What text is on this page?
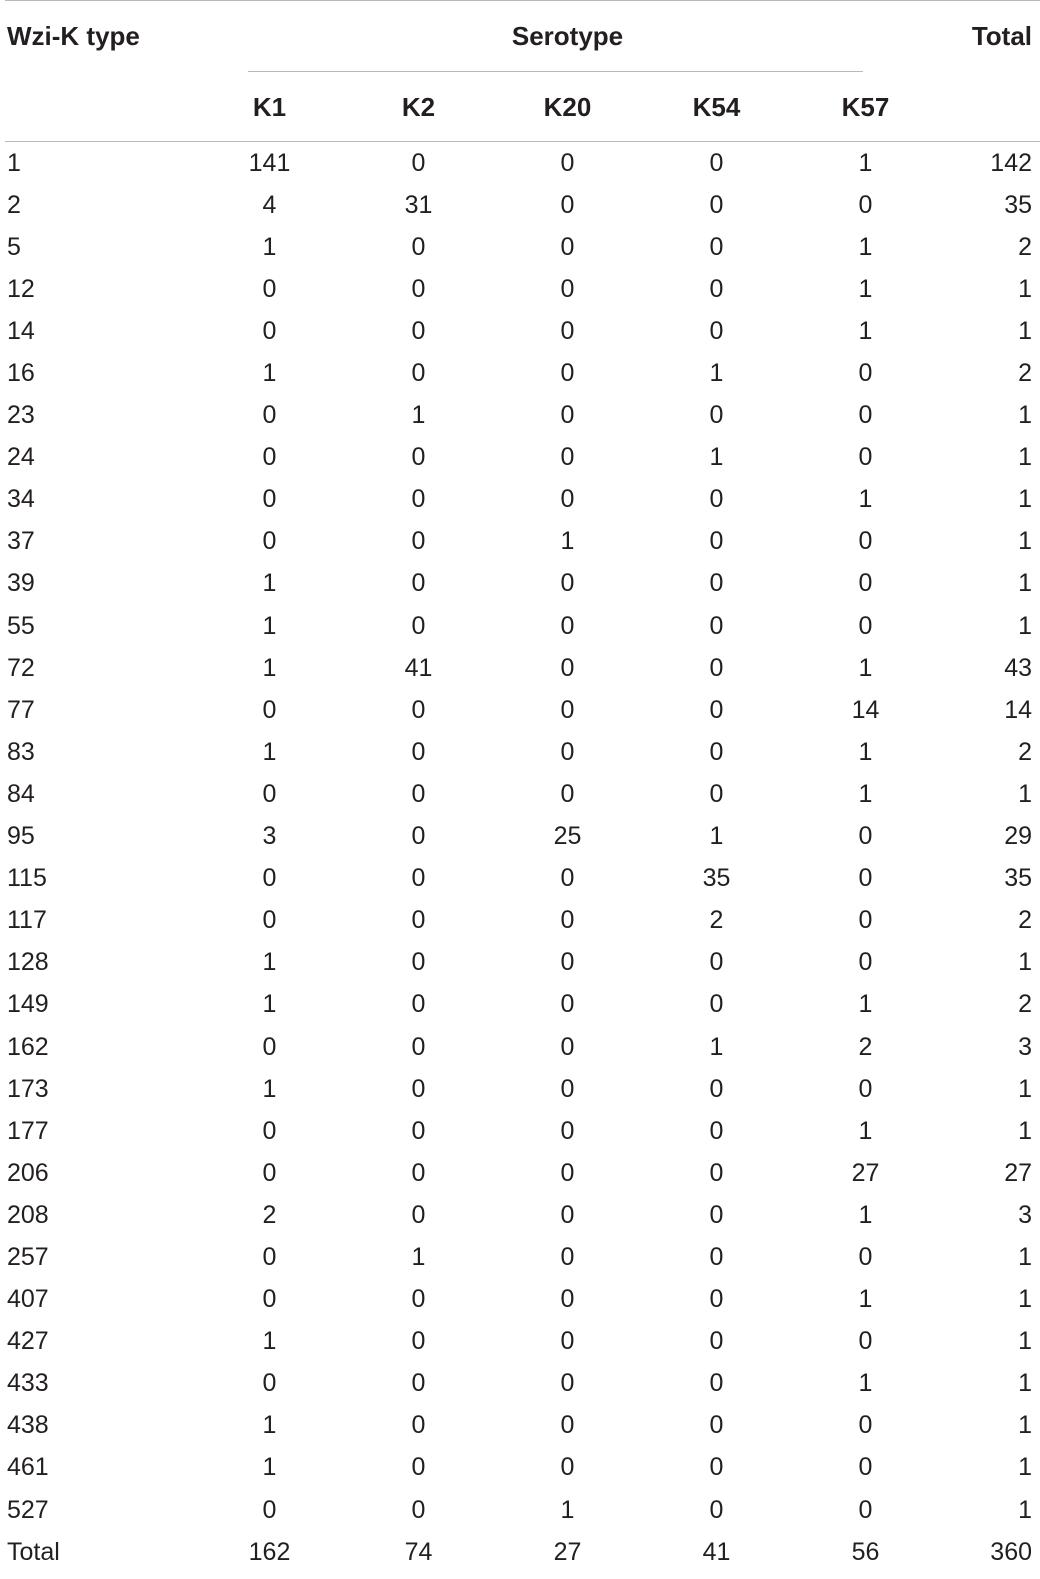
Wzi-K type	Serotype					Total
	K1	K2	K20	K54	K57	
1	141	0	0	0	1	142
2	4	31	0	0	0	35
5	1	0	0	0	1	2
12	0	0	0	0	1	1
14	0	0	0	0	1	1
16	1	0	0	1	0	2
23	0	1	0	0	0	1
24	0	0	0	1	0	1
34	0	0	0	0	1	1
37	0	0	1	0	0	1
39	1	0	0	0	0	1
55	1	0	0	0	0	1
72	1	41	0	0	1	43
77	0	0	0	0	14	14
83	1	0	0	0	1	2
84	0	0	0	0	1	1
95	3	0	25	1	0	29
115	0	0	0	35	0	35
117	0	0	0	2	0	2
128	1	0	0	0	0	1
149	1	0	0	0	1	2
162	0	0	0	1	2	3
173	1	0	0	0	0	1
177	0	0	0	0	1	1
206	0	0	0	0	27	27
208	2	0	0	0	1	3
257	0	1	0	0	0	1
407	0	0	0	0	1	1
427	1	0	0	0	0	1
433	0	0	0	0	1	1
438	1	0	0	0	0	1
461	1	0	0	0	0	1
527	0	0	1	0	0	1
Total	162	74	27	41	56	360
